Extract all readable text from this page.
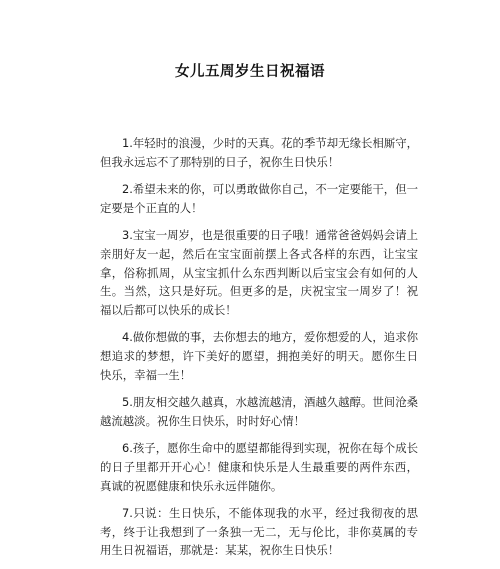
女儿五周岁生日祝福语

1.年轻时的浪漫，少时的天真。花的季节却无缘长相厮守，但我永远忘不了那特别的日子，祝你生日快乐！

2.希望未来的你，可以勇敢做你自己，不一定要能干，但一定要是个正直的人！

3.宝宝一周岁，也是很重要的日子哦！通常爸爸妈妈会请上亲朋好友一起，然后在宝宝面前摆上各式各样的东西，让宝宝拿，俗称抓周，从宝宝抓什么东西判断以后宝宝会有如何的人生。当然，这只是好玩。但更多的是，庆祝宝宝一周岁了！祝福以后都可以快乐的成长！

4.做你想做的事，去你想去的地方，爱你想爱的人，追求你想追求的梦想，许下美好的愿望，拥抱美好的明天。愿你生日快乐，幸福一生！

5.朋友相交越久越真，水越流越清，酒越久越醇。世间沧桑越流越淡。祝你生日快乐，时时好心情！

6.孩子，愿你生命中的愿望都能得到实现，祝你在每个成长的日子里都开开心心！健康和快乐是人生最重要的两件东西，真诚的祝愿健康和快乐永远伴随你。

7.只说：生日快乐，不能体现我的水平，经过我彻夜的思考，终于让我想到了一条独一无二，无与伦比，非你莫属的专用生日祝福语，那就是：某某，祝你生日快乐！
